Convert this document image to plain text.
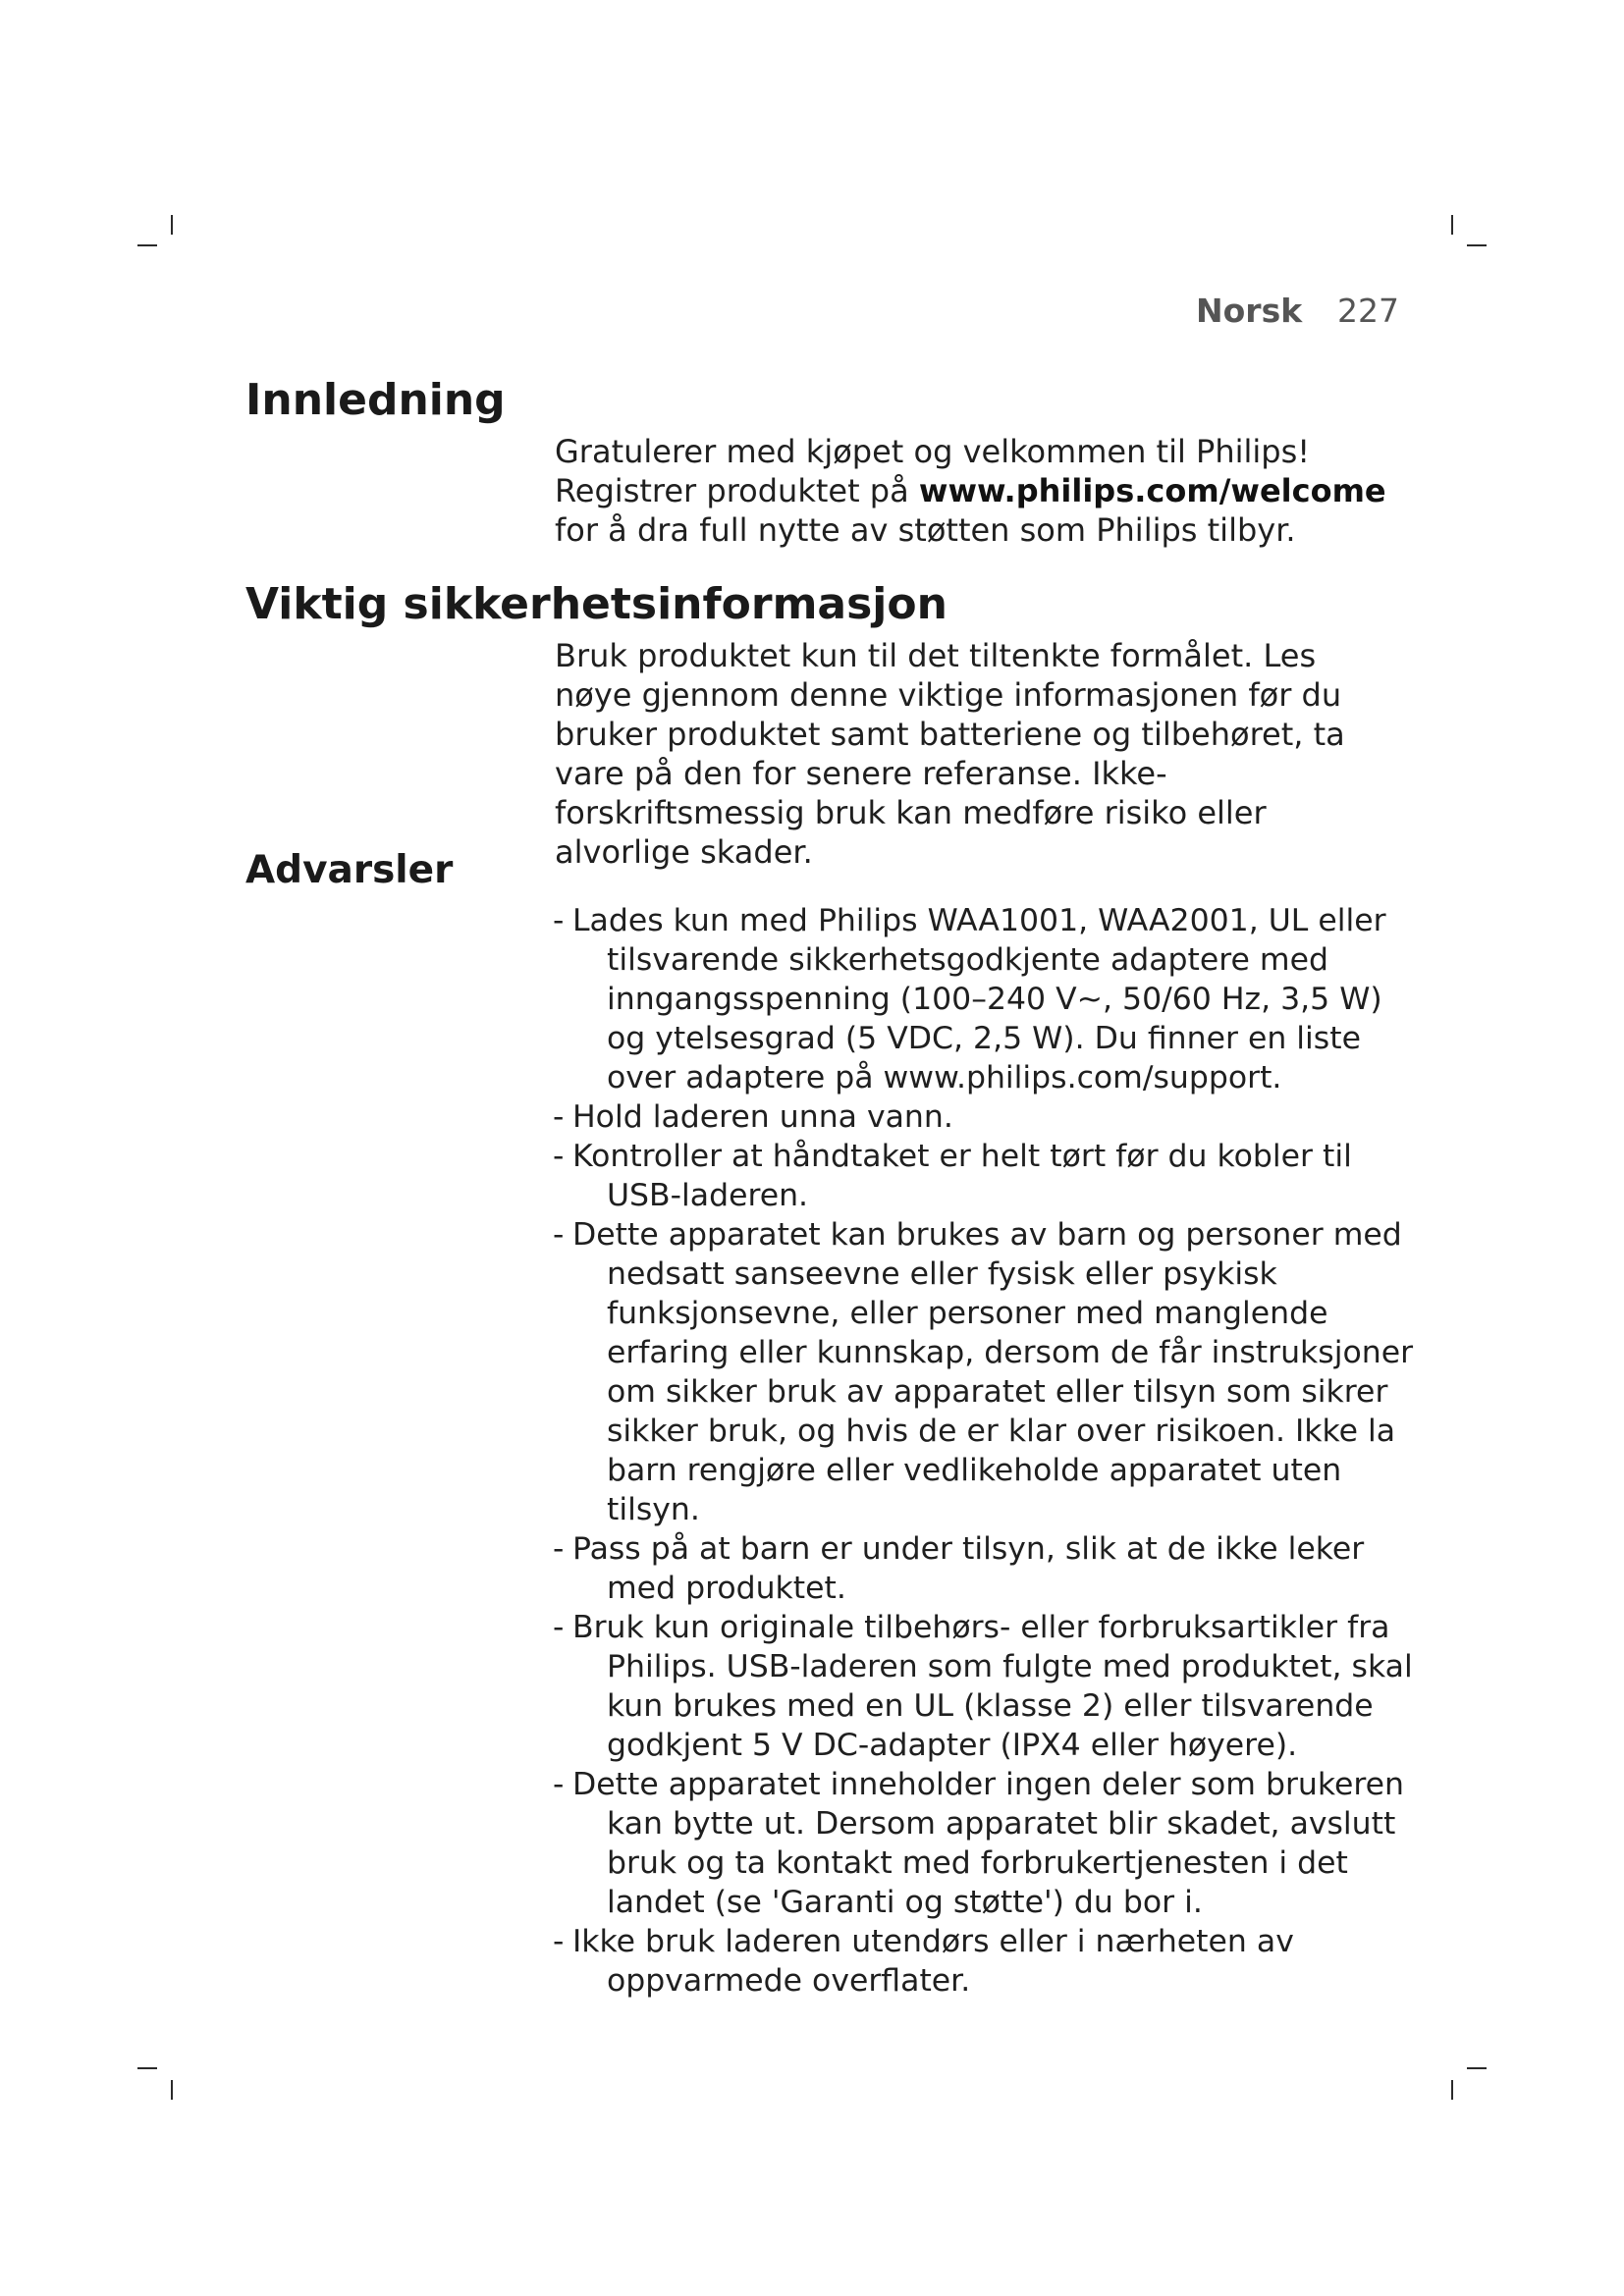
Norsk 227
Innledning

Gratulerer med kjøpet og velkommen til Philips! Registrer produktet på www.philips.com/welcome for å dra full nytte av støtten som Philips tilbyr.

Viktig sikkerhetsinformasjon

Bruk produktet kun til det tiltenkte formålet. Les nøye gjennom denne viktige informasjonen før du bruker produktet samt batteriene og tilbehøret, ta vare på den for senere referanse. Ikke-forskriftsmessig bruk kan medføre risiko eller alvorlige skader.

Advarsler
- Lades kun med Philips WAA1001, WAA2001, UL eller tilsvarende sikkerhetsgodkjente adaptere med inngangsspenning (100–240 V~, 50/60 Hz, 3,5 W) og ytelsesgrad (5 VDC, 2,5 W). Du finner en liste over adaptere på www.philips.com/support.
- Hold laderen unna vann.
- Kontroller at håndtaket er helt tørt før du kobler til USB-laderen.
- Dette apparatet kan brukes av barn og personer med nedsatt sanseevne eller fysisk eller psykisk funksjonsevne, eller personer med manglende erfaring eller kunnskap, dersom de får instruksjoner om sikker bruk av apparatet eller tilsyn som sikrer sikker bruk, og hvis de er klar over risikoen. Ikke la barn rengjøre eller vedlikeholde apparatet uten tilsyn.
- Pass på at barn er under tilsyn, slik at de ikke leker med produktet.
- Bruk kun originale tilbehørs- eller forbruksartikler fra Philips. USB-laderen som fulgte med produktet, skal kun brukes med en UL (klasse 2) eller tilsvarende godkjent 5 V DC-adapter (IPX4 eller høyere).
- Dette apparatet inneholder ingen deler som brukeren kan bytte ut. Dersom apparatet blir skadet, avslutt bruk og ta kontakt med forbrukertjenesten i det landet (se 'Garanti og støtte') du bor i.
- Ikke bruk laderen utendørs eller i nærheten av oppvarmede overflater.
